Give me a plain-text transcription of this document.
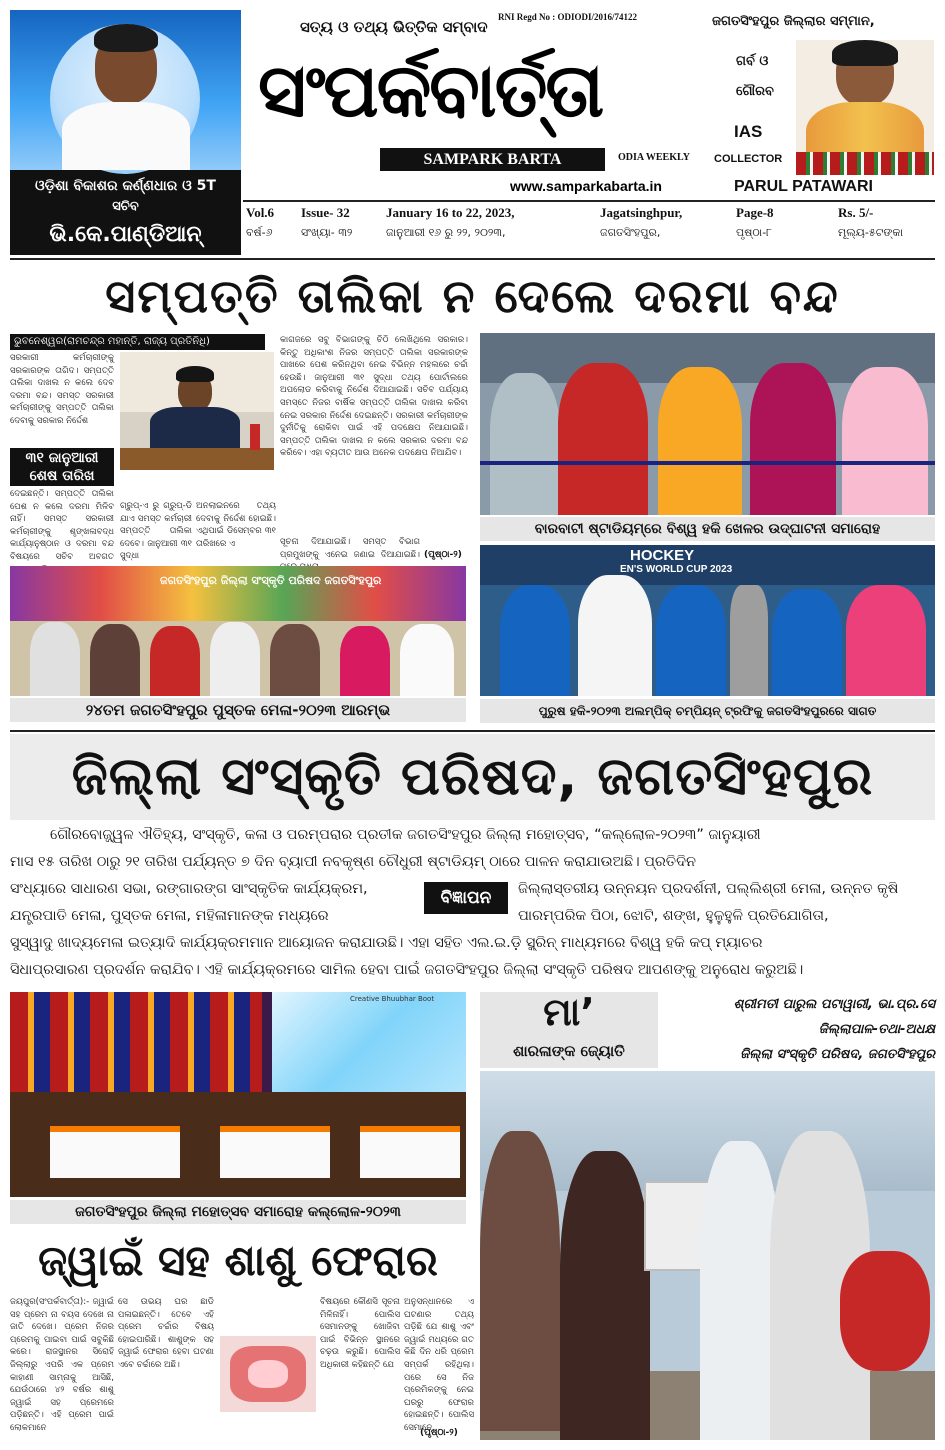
ଓଡ଼ିଶା ବିକାଶର କର୍ଣ୍ଣଧାର ଓ 5T
ସଚିବ
ଭି.କେ.ପାଣ୍ଡିଆନ୍
ସତ୍ୟ ଓ ତଥ୍ୟ ଭିତ୍ତିକ ସମ୍ବାଦ
RNI Regd No : ODIODI/2016/74122
ସଂପର୍କବାର୍ତ୍ତା
SAMPARK BARTA	ODIA WEEKLY
www.samparkabarta.in
ଜଗତସିଂହପୁର ଜିଲ୍ଲାର ସମ୍ମାନ,
ଗର୍ବ ଓ
ଗୌରବ
IAS
COLLECTOR
PARUL PATAWARI
Vol.6 Issue- 32	January 16 to 22, 2023,	Jagatsinghpur,	Page-8	Rs. 5/-
ବର୍ଷ-୬	ସଂଖ୍ୟା- ୩୨	ଜାନୁଆରୀ ୧୬ ରୁ ୨୨, ୨୦୨୩,	ଜଗତସିଂହପୁର,	ପୃଷ୍ଠା-୮	ମୂଲ୍ୟ-୫ଟଙ୍କା
ସମ୍ପତ୍ତି ତାଲିକା ନ ଦେଲେ ଦରମା ବନ୍ଦ
ଭୁବନେଶ୍ୱର(ରାମଚନ୍ଦ୍ର ମହାନ୍ତି, ରାଜ୍ୟ ପ୍ରତିନିଧି)
ସରକାରୀ କର୍ମଚାରୀଙ୍କୁ ସରକାରଙ୍କ ତାଗିଦ। ସମ୍ପତ୍ତି ତାଲିକା ଦାଖଲ ନ କଲେ ଦେବ ଦରମା ବନ୍ଦ। ସମସ୍ତ ସରକାରୀ କର୍ମଚାରୀଙ୍କୁ ସମ୍ପତ୍ତି ତାଲିକା ଦେବାକୁ ସରକାର ନିର୍ଦ୍ଦେଶ
୩୧ ଜାନୁଆରୀ
ଶେଷ ତାରିଖ
ଦେଇଛନ୍ତି। ସମ୍ପତ୍ତି ତାଲିକା ପେଶ ନ କଲେ ଦରମା ମିଳିବ ନାହିଁ। ସମସ୍ତ ସରକାରୀ କର୍ମଚାରୀଙ୍କୁ ଶୃଙ୍ଖଳାବଦ୍ଧ କାର୍ଯ୍ୟାନୁଷ୍ଠାନ ଓ ଦରମା ବନ୍ଦ ବିଷୟରେ ସଚିବ ଅବଗତ
କାଗଜରେ ସବୁ ବିଭାଗଙ୍କୁ ଚିଠି ଲେଖିଥିଲେ ସରକାର। କିନ୍ତୁ ଅଧିକାଂଶ ନିଜର ସମ୍ପତ୍ତି ତାଲିକା ସରକାରଙ୍କ ପାଖରେ ପେଶ କରିନଥିବା ନେଇ ବିଭିନ୍ନ ମହଲରେ ଚର୍ଚ୍ଚା ହେଉଛି। ଜାନୁଆରୀ ୩୧ ସୁଦ୍ଧା ତଥ୍ୟ ପୋର୍ଟାଲରେ ଅପଲୋଡ କରିବାକୁ ନିର୍ଦ୍ଦେଶ ଦିଆଯାଇଛି। ସଚିବ ପର୍ଯ୍ୟାୟ ସମସ୍ତେ ନିଜର ବାର୍ଷିକ ସମ୍ପତ୍ତି ତାଲିକା ଦାଖଲ କରିବା ନେଇ ସରକାର ନିର୍ଦ୍ଦେଶ ଦେଇଛନ୍ତି। ସରକାରୀ କର୍ମଚାରୀଙ୍କ ଦୁର୍ନୀତିକୁ ରୋକିବା ପାଇଁ ଏହି ପଦକ୍ଷେପ ନିଆଯାଇଛି। ସମ୍ପତ୍ତି ତାଲିକା ଦାଖଲ ନ କଲେ ସରକାର ଦରମା ବନ୍ଦ କରିବେ। ଏହା ବ୍ୟତୀତ ଆଉ ଅନେକ ପଦକ୍ଷେପ ନିଆଯିବ।
ଗ୍ରୁପ୍-ଏ ରୁ ଗ୍ରୁପ୍-ଡି ଯାଏ ସମସ୍ତ କର୍ମଚାରୀ ସମ୍ପତ୍ତି ତାଲିକା ଦେବେ। ଜାନୁଆରୀ ୩୧ ସୁଦ୍ଧା
ଅନଲାଇନରେ ତଥ୍ୟ ଦେବାକୁ ନିର୍ଦ୍ଦେଶ ହୋଇଛି। ଏଥିପାଇଁ ଡିସେମ୍ବର ୩୧ ତାରିଖରେ ଏ	ସୂଚନା ଦିଆଯାଇଛି। ସମସ୍ତ ବିଭାଗ ପ୍ରମୁଖଙ୍କୁ ଏନେଇ ଜଣାଇ ଦିଆଯାଇଛି। (ପୃଷ୍ଠା-୨)
ଜଗତସିଂହପୁର ଜିଲ୍ଲା ସଂସ୍କୃତି ପରିଷଦ ଜଗତସିଂହପୁର
୨୪ତମ ଜଗତସିଂହପୁର ପୁସ୍ତକ ମେଳା-୨୦୨୩ ଆରମ୍ଭ
ବାରବାଟୀ ଷ୍ଟାଡିୟମ୍‌ରେ ବିଶ୍ୱ ହକି ଖେଳର ଉଦ୍‌ଘାଟନୀ ସମାରୋହ
HOCKEY
EN'S WORLD CUP 2023
ପୁରୁଷ ହକି-୨୦୨୩ ଅଲମ୍ପିକ୍ ଚମ୍ପିୟନ୍ ଟ୍ରଫିକୁ ଜଗତସିଂହପୁରରେ ସାଗତ
ଜିଲ୍ଲା ସଂସ୍କୃତି ପରିଷଦ, ଜଗତସିଂହପୁର
ଗୌରବୋଜ୍ଜ୍ୱଳ ଐତିହ୍ୟ, ସଂସ୍କୃତି, କଳା ଓ ପରମ୍ପରାର ପ୍ରତୀକ ଜଗତସିଂହପୁର ଜିଲ୍ଲା ମହୋତ୍ସବ, “କଲ୍ଲୋଳ-୨୦୨୩” ଜାନୁୟାରୀ
ମାସ ୧୫ ତାରିଖ ଠାରୁ ୨୧ ତାରିଖ ପର୍ଯ୍ୟନ୍ତ ୭ ଦିନ ବ୍ୟାପୀ ନବକୃଷ୍ଣ ଚୌଧୁରୀ ଷ୍ଟାଡିୟମ୍ ଠାରେ ପାଳନ କରାଯାଉଅଛି। ପ୍ରତିଦିନ
ସଂଧ୍ୟାରେ ସାଧାରଣ ସଭା, ରଙ୍ଗାରଙ୍ଗ ସାଂସ୍କୃତିକ କାର୍ଯ୍ୟକ୍ରମ,	ବିଜ୍ଞାପନ	ଜିଲ୍ଲାସ୍ତରୀୟ ଉନ୍ନୟନ ପ୍ରଦର୍ଶନୀ, ପଲ୍ଲିଶ୍ରୀ ମେଳା, ଉନ୍ନତ କୃଷି
ଯନ୍ତ୍ରପାତି ମେଳା, ପୁସ୍ତକ ମେଳା, ମହିଳାମାନଙ୍କ ମଧ୍ୟରେ	ପାରମ୍ପରିକ ପିଠା, ଝୋଟି, ଶଙ୍ଖ, ହୁଳୁହୁଳି ପ୍ରତିଯୋଗିତା,
ସୁସ୍ୱାଦୁ ଖାଦ୍ୟମେଳା ଇତ୍ୟାଦି କାର୍ଯ୍ୟକ୍ରମମାନ ଆୟୋଜନ କରାଯାଉଛି। ଏହା ସହିତ ଏଲ.ଇ.ଡ଼ି ସ୍କ୍ରିନ୍ ମାଧ୍ୟମରେ ବିଶ୍ୱ ହକି କପ୍ ମ୍ୟାଚର
ସିଧାପ୍ରସାରଣ ପ୍ରଦର୍ଶନ କରାଯିବ। ଏହି କାର୍ଯ୍ୟକ୍ରମରେ ସାମିଲ ହେବା ପାଇଁ ଜଗତସିଂହପୁର ଜିଲ୍ଲା ସଂସ୍କୃତି ପରିଷଦ ଆପଣଙ୍କୁ ଅନୁରୋଧ କରୁଅଛି।
Creative Bhuubhar Boot
ଜଗତସିଂହପୁର ଜିଲ୍ଲା ମହୋତ୍ସବ ସମାରୋହ କଲ୍ଲୋଳ-୨୦୨୩
ମା’
ଶାରଳାଙ୍କ ଜ୍ୟୋତି
ଶ୍ରୀମତୀ ପାରୁଲ ପଟାୱାରୀ, ଭା.ପ୍ର.ସେ
ଜିଲ୍ଲାପାଳ-ତଥା-ଅଧକ୍ଷ
ଜିଲ୍ଲା ସଂସ୍କୃତି ପରିଷଦ, ଜଗତସିଂହପୁର
ଜ୍ୱାଇଁ ସହ ଶାଶୁ ଫେରାର
ଜୟପୁର(ସଂପର୍କବାର୍ତ୍ତା):- ଜ୍ୱାଇଁ ସହ ପ୍ରେମ ନା ବୟସ ଦେଖେ ନା ଜାତି ଦେଖେ। ପ୍ରେମ ନିଜର ପ୍ରେମକୁ ପାଇବା ପାଇଁ ସବୁକିଛି କରେ। ରାଜସ୍ଥାନର ସିରୋହି ଜିଲ୍ଲାରୁ ଏପରି ଏକ ପ୍ରେମ କାହାଣୀ ସାମ୍ନାକୁ ଆସିଛି, ଯେଉଁଠାରେ ୪୨ ବର୍ଷର ଶାଶୁ ଜ୍ୱାଇଁ ସହ ପ୍ରେମରେ ପଡ଼ିଛନ୍ତି। ଏହି ପ୍ରେମ ପାଇଁ ଲୋକମାନେ
ସେ ଉଭୟ ଘର ଛାଡି ପଳାଇଛନ୍ତି। ତେବେ ଏହି ପ୍ରେମ ଚର୍ଚ୍ଚାର ବିଷୟ ହୋଇପାରିଛି। ଶାଶୁଙ୍କ ସହ ଜ୍ୱାଇଁ ଫେରାର ହେବା ଘଟଣା ଏବେ ଚର୍ଚ୍ଚାରେ ଅଛି।
ବିଷୟରେ କୌଣସି ସୂଚନା ମିଳିନାହିଁ। ପୋଲିସ ସେମାନଙ୍କୁ ଖୋଜିବା ପାଇଁ ବିଭିନ୍ନ ସ୍ଥାନରେ ଚଢ଼ଉ କରୁଛି। ପୋଲିସ ଅଧିକାରୀ କହିଛନ୍ତି ଯେ
ଅନୁସନ୍ଧାନରେ ଏ ଘଟଣାର ତଥ୍ୟ ପଡ଼ିଛି ଯେ ଶାଶୁ ଏବଂ ଜ୍ୱାଇଁ ମଧ୍ୟରେ ଗତ କିଛି ଦିନ ଧରି ପ୍ରେମ ସମ୍ପର୍କ ରହିଥିଲା। ପରେ ସେ ନିଜ ପ୍ରେମିକଙ୍କୁ ନେଇ ଘରରୁ ଫେରାର ହୋଇଛନ୍ତି। ପୋଲିସ ସେମାନେ...
(ପୃଷ୍ଠା-୨)
